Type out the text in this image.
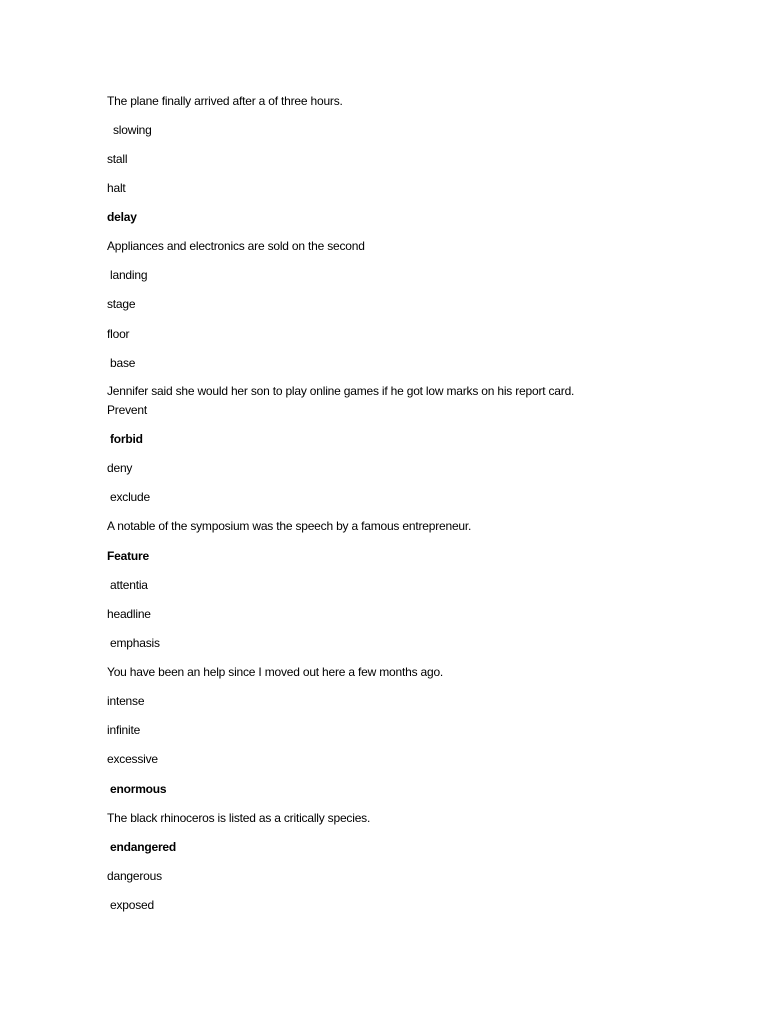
The plane finally arrived after a of three hours.
slowing
stall
halt
delay
Appliances and electronics are sold on the second
landing
stage
floor
base
Jennifer said she would her son to play online games if he got low marks on his report card.
Prevent
forbid
deny
exclude
A notable of the symposium was the speech by a famous entrepreneur.
Feature
attentia
headline
emphasis
You have been an help since I moved out here a few months ago.
intense
infinite
excessive
enormous
The black rhinoceros is listed as a critically species.
endangered
dangerous
exposed
